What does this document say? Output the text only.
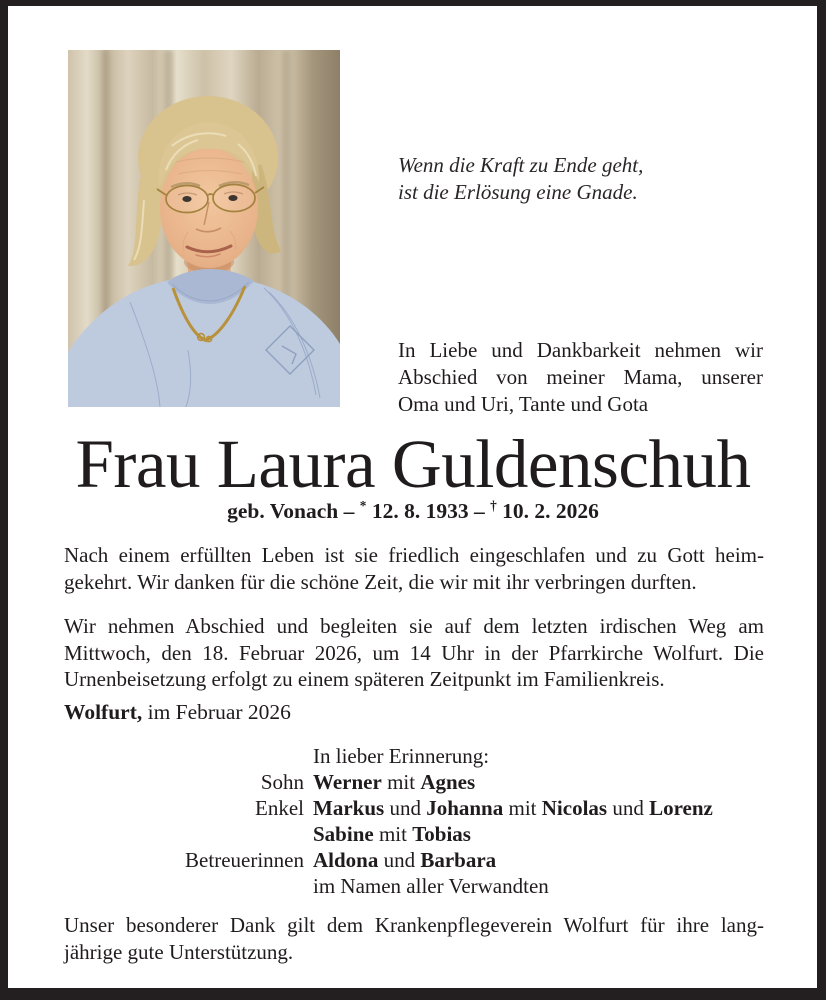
Wenn die Kraft zu Ende geht,
ist die Erlösung eine Gnade.
In Liebe und Dankbarkeit nehmen wir
Abschied von meiner Mama, unserer
Oma und Uri, Tante und Gota
Frau Laura Guldenschuh
geb. Vonach – * 12. 8. 1933 – † 10. 2. 2026
Nach einem erfüllten Leben ist sie friedlich eingeschlafen und zu Gott heim-
gekehrt. Wir danken für die schöne Zeit, die wir mit ihr verbringen durften.
Wir nehmen Abschied und begleiten sie auf dem letzten irdischen Weg am
Mittwoch, den 18. Februar 2026, um 14 Uhr in der Pfarrkirche Wolfurt. Die
Urnenbeisetzung erfolgt zu einem späteren Zeitpunkt im Familienkreis.
Wolfurt, im Februar 2026
In lieber Erinnerung:
Sohn Werner mit Agnes
Enkel Markus und Johanna mit Nicolas und Lorenz
Sabine mit Tobias
Betreuerinnen Aldona und Barbara
im Namen aller Verwandten
Unser besonderer Dank gilt dem Krankenpflegeverein Wolfurt für ihre lang-
jährige gute Unterstützung.
